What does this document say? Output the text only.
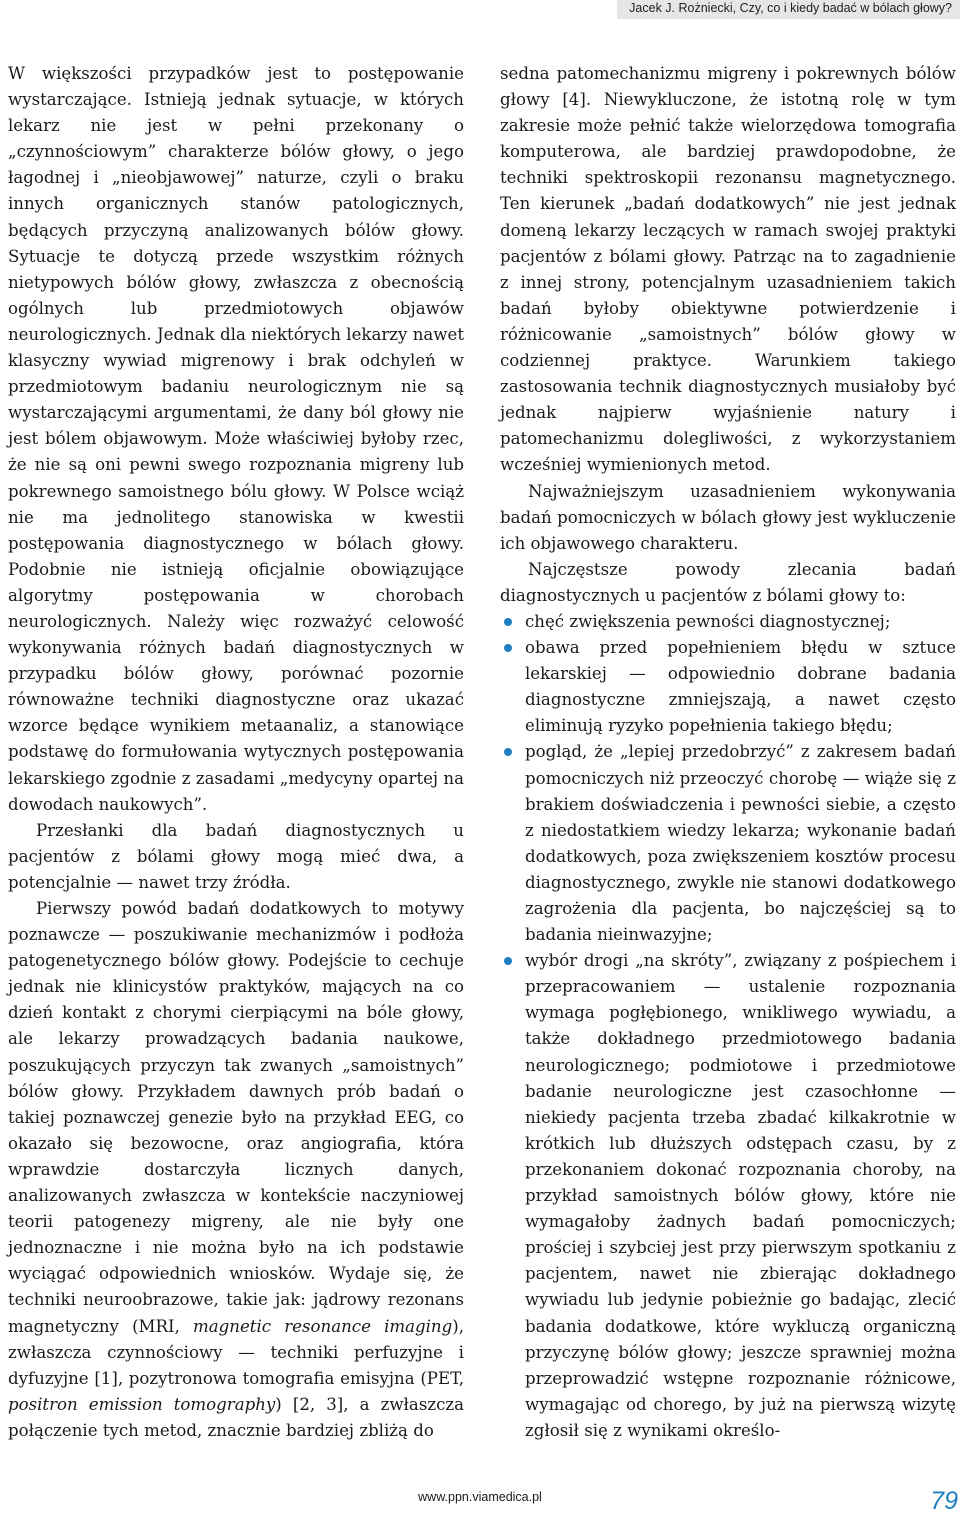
Jacek J. Rożniecki, Czy, co i kiedy badać w bólach głowy?

W większości przypadków jest to postępowanie wystarczające. Istnieją jednak sytuacje, w których lekarz nie jest w pełni przekonany o „czynnościowym” charakterze bólów głowy, o jego łagodnej i „nieobjawowej” naturze, czyli o braku innych organicznych stanów patologicznych, będących przyczyną analizowanych bólów głowy. Sytuacje te dotyczą przede wszystkim różnych nietypowych bólów głowy, zwłaszcza z obecnością ogólnych lub przedmiotowych objawów neurologicznych. Jednak dla niektórych lekarzy nawet klasyczny wywiad migrenowy i brak odchyleń w przedmiotowym badaniu neurologicznym nie są wystarczającymi argumentami, że dany ból głowy nie jest bólem objawowym. Może właściwiej byłoby rzec, że nie są oni pewni swego rozpoznania migreny lub pokrewnego samoistnego bólu głowy. W Polsce wciąż nie ma jednolitego stanowiska w kwestii postępowania diagnostycznego w bólach głowy. Podobnie nie istnieją oficjalnie obowiązujące algorytmy postępowania w chorobach neurologicznych. Należy więc rozważyć celowość wykonywania różnych badań diagnostycznych w przypadku bólów głowy, porównać pozornie równoważne techniki diagnostyczne oraz ukazać wzorce będące wynikiem metaanaliz, a stanowiące podstawę do formułowania wytycznych postępowania lekarskiego zgodnie z zasadami „medycyny opartej na dowodach naukowych”.

Przesłanki dla badań diagnostycznych u pacjentów z bólami głowy mogą mieć dwa, a potencjalnie — nawet trzy źródła.

Pierwszy powód badań dodatkowych to motywy poznawcze — poszukiwanie mechanizmów i podłoża patogenetycznego bólów głowy. Podejście to cechuje jednak nie klinicystów praktyków, mających na co dzień kontakt z chorymi cierpiącymi na bóle głowy, ale lekarzy prowadzących badania naukowe, poszukujących przyczyn tak zwanych „samoistnych” bólów głowy. Przykładem dawnych prób badań o takiej poznawczej genezie było na przykład EEG, co okazało się bezowocne, oraz angiografia, która wprawdzie dostarczyła licznych danych, analizowanych zwłaszcza w kontekście naczyniowej teorii patogenezy migreny, ale nie były one jednoznaczne i nie można było na ich podstawie wyciągać odpowiednich wniosków. Wydaje się, że techniki neuroobrazowe, takie jak: jądrowy rezonans magnetyczny (MRI, magnetic resonance imaging), zwłaszcza czynnościowy — techniki perfuzyjne i dyfuzyjne [1], pozytronowa tomografia emisyjna (PET, positron emission tomography) [2, 3], a zwłaszcza połączenie tych metod, znacznie bardziej zbliżą do

sedna patomechanizmu migreny i pokrewnych bólów głowy [4]. Niewykluczone, że istotną rolę w tym zakresie może pełnić także wielorzędowa tomografia komputerowa, ale bardziej prawdopodobne, że techniki spektroskopii rezonansu magnetycznego. Ten kierunek „badań dodatkowych” nie jest jednak domeną lekarzy leczących w ramach swojej praktyki pacjentów z bólami głowy. Patrząc na to zagadnienie z innej strony, potencjalnym uzasadnieniem takich badań byłoby obiektywne potwierdzenie i różnicowanie „samoistnych” bólów głowy w codziennej praktyce. Warunkiem takiego zastosowania technik diagnostycznych musiałoby być jednak najpierw wyjaśnienie natury i patomechanizmu dolegliwości, z wykorzystaniem wcześniej wymienionych metod.

Najważniejszym uzasadnieniem wykonywania badań pomocniczych w bólach głowy jest wykluczenie ich objawowego charakteru.

Najczęstsze powody zlecania badań diagnostycznych u pacjentów z bólami głowy to:

chęć zwiększenia pewności diagnostycznej;
obawa przed popełnieniem błędu w sztuce lekarskiej — odpowiednio dobrane badania diagnostyczne zmniejszają, a nawet często eliminują ryzyko popełnienia takiego błędu;
pogląd, że „lepiej przedobrzyć” z zakresem badań pomocniczych niż przeoczyć chorobę — wiąże się z brakiem doświadczenia i pewności siebie, a często z niedostatkiem wiedzy lekarza; wykonanie badań dodatkowych, poza zwiększeniem kosztów procesu diagnostycznego, zwykle nie stanowi dodatkowego zagrożenia dla pacjenta, bo najczęściej są to badania nieinwazyjne;
wybór drogi „na skróty”, związany z pośpiechem i przepracowaniem — ustalenie rozpoznania wymaga pogłębionego, wnikliwego wywiadu, a także dokładnego przedmiotowego badania neurologicznego; podmiotowe i przedmiotowe badanie neurologiczne jest czasochłonne — niekiedy pacjenta trzeba zbadać kilkakrotnie w krótkich lub dłuższych odstępach czasu, by z przekonaniem dokonać rozpoznania choroby, na przykład samoistnych bólów głowy, które nie wymagałoby żadnych badań pomocniczych; prościej i szybciej jest przy pierwszym spotkaniu z pacjentem, nawet nie zbierając dokładnego wywiadu lub jedynie pobieżnie go badając, zlecić badania dodatkowe, które wykluczą organiczną przyczynę bólów głowy; jeszcze sprawniej można przeprowadzić wstępne rozpoznanie różnicowe, wymagając od chorego, by już na pierwszą wizytę zgłosił się z wynikami określo-
www.ppn.viamedica.pl	79
